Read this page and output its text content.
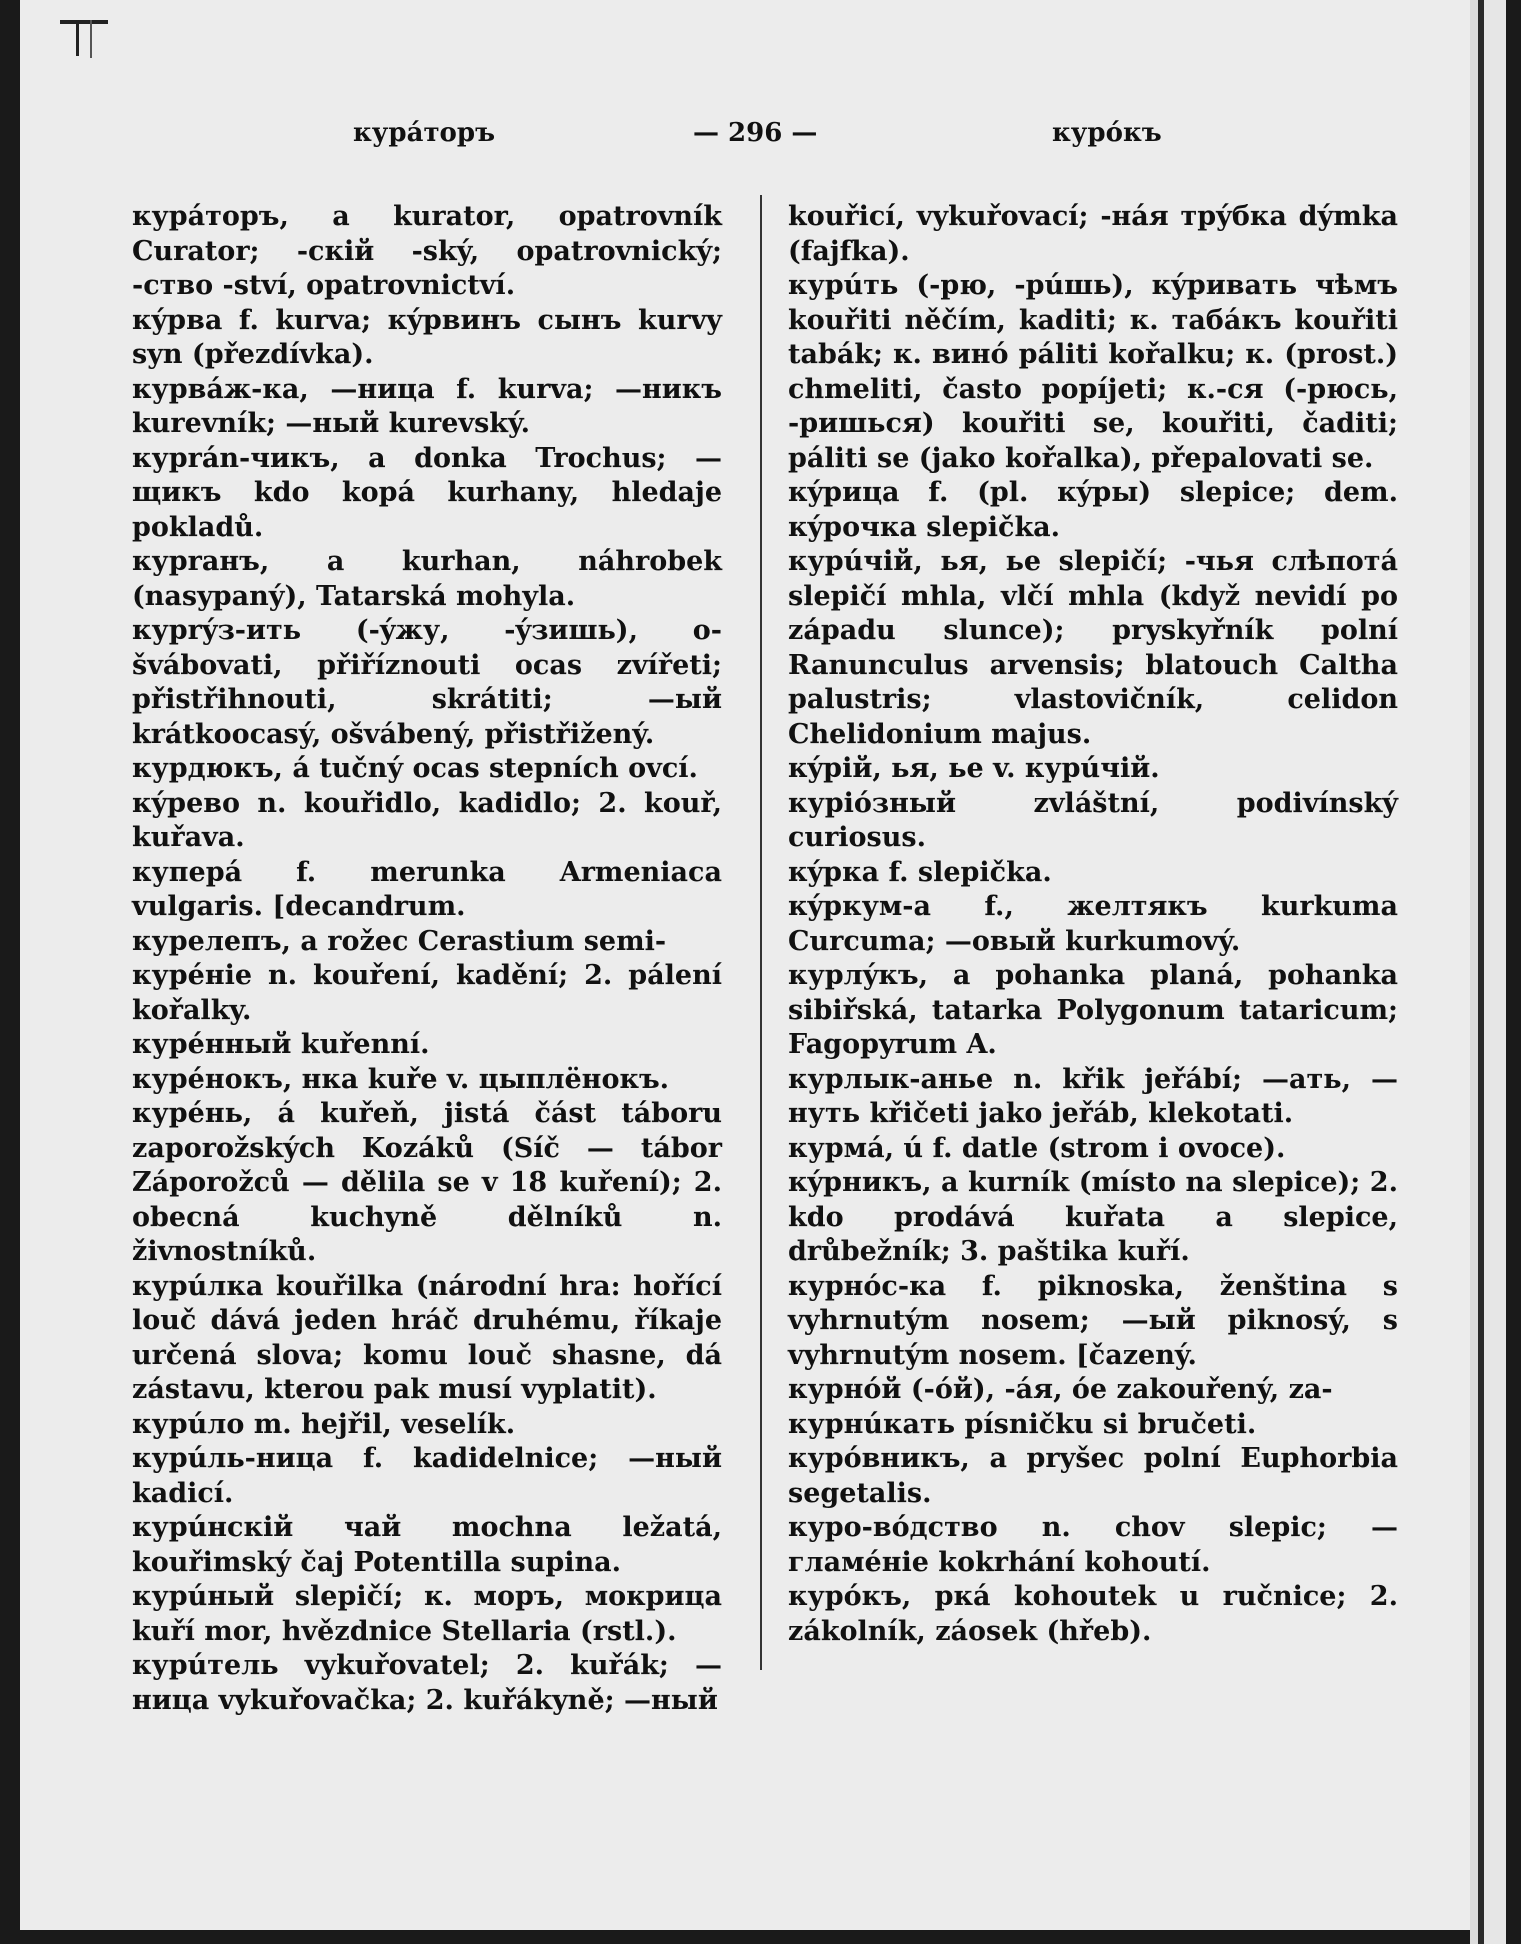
курáторъ	— 296 —	курóкъ
курáторъ, a kurator, opatrovník Curator; -скій -ský, opatrovnický; -ство -ství, opatrovnictví.
кýрва f. kurva; кýрвинъ сынъ kurvy syn (přezdívka).
курвáж-ка, —ница f. kurva; —никъ kurevník; —ный kurevský.
курrán-чикъ, a donka Trochus; —щикъ kdo kopá kurhany, hledaje pokladů.
курrанъ, a kurhan, náhrobek (nasypaný), Tatarská mohyla.
курrýз-ить (-ýжу, -ýзишь), o- švábovati, přiříznouti ocas zvířeti; přistřihnouti, skrátiti; —ый krátkoocasý, ošvábený, přistřižený.
курдюкъ, á tučný ocas stepních ovcí.
кýрево n. kouřidlo, kadidlo; 2. kouř, kuřava.
куперá f. merunka Armeniaca vulgaris. [decandrum.
курелепъ, a rožec Cerastium semi-
курéніе n. kouření, kadění; 2. pálení kořalky.
курéнный kuřenní.
курéнокъ, нка kuře v. цыплёнокъ.
курéнь, á kuřeň, jistá část táboru zaporožských Kozáků (Síč — tábor Záporožců — dělila se v 18 kuření); 2. obecná kuchyně dělníků n. živnostníků.
курúлка kouřilka (národní hra: hořící louč dává jeden hráč druhému, říkaje určená slova; komu louč shasne, dá zástavu, kterou pak musí vyplatit).
курúло m. hejřil, veselík.
курúль-ница f. kadidelnice; —ный kadicí.
курúнскій чай mochna ležatá, kouřimský čaj Potentilla supina.
курúный slepičí; к. моръ, мокрица kuří mor, hvězdnice Stellaria (rstl.).
курúтель vykuřovatel; 2. kuřák; —ница vykuřovačka; 2. kuřákyně; —ный
kouřicí, vykuřovací; -нáя трýбка dýmka (fajfka).
курúть (-рю, -рúшь), кýривать чѣмъ kouřiti něčím, kaditi; к. табáкъ kouřiti tabák; к. винó páliti kořalku; к. (prost.) chmeliti, často popíjeti; к.-ся (-рюсь, -ришься) kouřiti se, kouřiti, čaditi; páliti se (jako kořalka), přepalovati se.
кýрица f. (pl. кýры) slepice; dem. кýрочка slepička.
курúчій, ья, ье slepičí; -чья слѣпотá slepičí mhla, vlčí mhla (když nevidí po západu slunce); pryskyřník polní Ranunculus arvensis; blatouch Caltha palustris; vlastovičník, celidon Chelidonium majus.
кýрій, ья, ье v. курúчій.
куріóзный zvláštní, podivínský curiosus.
кýрка f. slepička.
кýркум-а f., желтякъ kurkuma Curcuma; —овый kurkumový.
курлýкъ, a pohanka planá, pohanka sibiřská, tatarka Polygonum tataricum; Fagopyrum A.
курлык-анье n. křik jeřábí; —ать, —нуть křičeti jako jeřáb, klekotati.
курмá, ú f. datle (strom i ovoce).
кýрникъ, a kurník (místo na slepice); 2. kdo prodává kuřata a slepice, drůbežník; 3. paštika kuří.
курнóс-ка f. piknoska, ženština s vyhrnutým nosem; —ый piknosý, s vyhrnutým nosem. [čazený.
курнóй (-óй), -áя, óе zakouřený, za-
курнúкать písničku si bručeti.
курóвникъ, a pryšec polní Euphorbia segetalis.
куро-вóдство n. chov slepic; —гламéніе kokrhání kohoutí.
курóкъ, ркá kohoutek u ručnice; 2. zákolník, záosek (hřeb).
